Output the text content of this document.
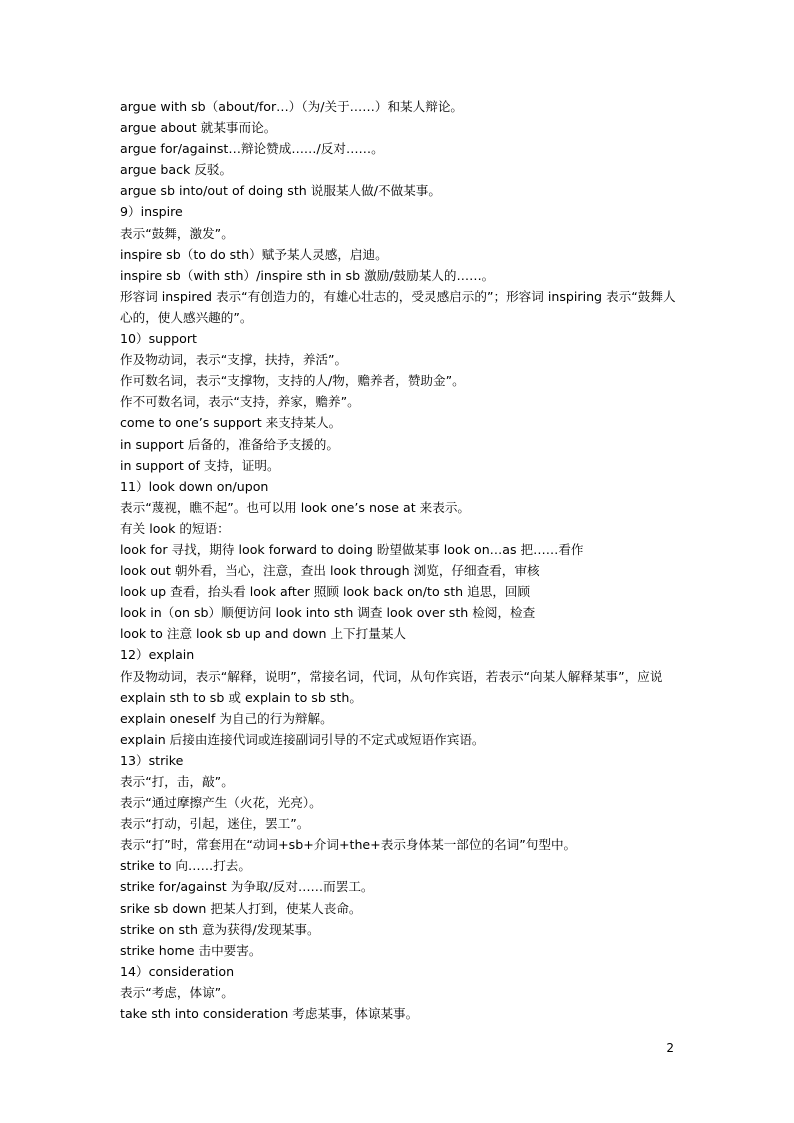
argue with sb（about/for…）（为/关于……）和某人辩论。
argue about 就某事而论。
argue for/against…辩论赞成……/反对……。
argue back 反驳。
argue sb into/out of doing sth 说服某人做/不做某事。
9）inspire
表示“鼓舞，激发”。
inspire sb（to do sth）赋予某人灵感，启迪。
inspire sb（with sth）/inspire sth in sb 激励/鼓励某人的……。
形容词 inspired 表示“有创造力的，有雄心壮志的，受灵感启示的”；形容词 inspiring 表示“鼓舞人心的，使人感兴趣的”。
10）support
作及物动词，表示“支撑，扶持，养活”。
作可数名词，表示“支撑物，支持的人/物，赡养者，赞助金”。
作不可数名词，表示“支持，养家，赡养”。
come to one’s support 来支持某人。
in support 后备的，准备给予支援的。
in support of 支持，证明。
11）look down on/upon
表示“蔑视，瞧不起”。也可以用 look one’s nose at 来表示。
有关 look 的短语：
look for 寻找，期待 look forward to doing 盼望做某事 look on…as 把……看作
look out 朝外看，当心，注意，查出 look through 浏览，仔细查看，审核
look up 查看，抬头看 look after 照顾 look back on/to sth 追思，回顾
look in（on sb）顺便访问 look into sth 调查 look over sth 检阅，检查
look to 注意 look sb up and down 上下打量某人
12）explain
作及物动词，表示“解释，说明”，常接名词，代词，从句作宾语，若表示“向某人解释某事”，应说 explain sth to sb 或 explain to sb sth。
explain oneself 为自己的行为辩解。
explain 后接由连接代词或连接副词引导的不定式或短语作宾语。
13）strike
表示“打，击，敲”。
表示“通过摩擦产生（火花，光亮）。
表示“打动，引起，迷住，罢工”。
表示“打”时，常套用在“动词+sb+介词+the+表示身体某一部位的名词”句型中。
strike to 向……打去。
strike for/against 为争取/反对……而罢工。
srike sb down 把某人打到，使某人丧命。
strike on sth 意为获得/发现某事。
strike home 击中要害。
14）consideration
表示“考虑，体谅”。
take sth into consideration 考虑某事，体谅某事。
2
